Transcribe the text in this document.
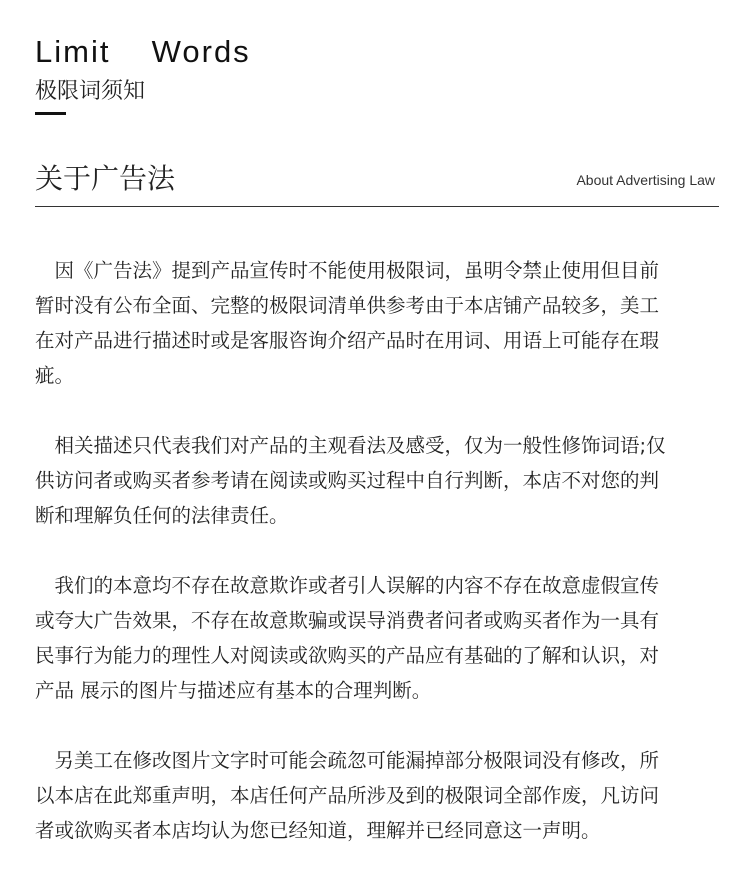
Limit  Words
极限词须知
关于广告法	About Advertising Law
　因《广告法》提到产品宣传时不能使用极限词，虽明令禁止使用但目前
暂时没有公布全面、完整的极限词清单供参考由于本店铺产品较多，美工
在对产品进行描述时或是客服咨询介绍产品时在用词、用语上可能存在瑕
疵。
　相关描述只代表我们对产品的主观看法及感受，仅为一般性修饰词语;仅
供访问者或购买者参考请在阅读或购买过程中自行判断，本店不对您的判
断和理解负任何的法律责任。
　我们的本意均不存在故意欺诈或者引人误解的内容不存在故意虚假宣传
或夸大广告效果，不存在故意欺骗或误导消费者问者或购买者作为一具有
民事行为能力的理性人对阅读或欲购买的产品应有基础的了解和认识，对
产品 展示的图片与描述应有基本的合理判断。
　另美工在修改图片文字时可能会疏忽可能漏掉部分极限词没有修改，所
以本店在此郑重声明，本店任何产品所涉及到的极限词全部作废，凡访问
者或欲购买者本店均认为您已经知道，理解并已经同意这一声明。
